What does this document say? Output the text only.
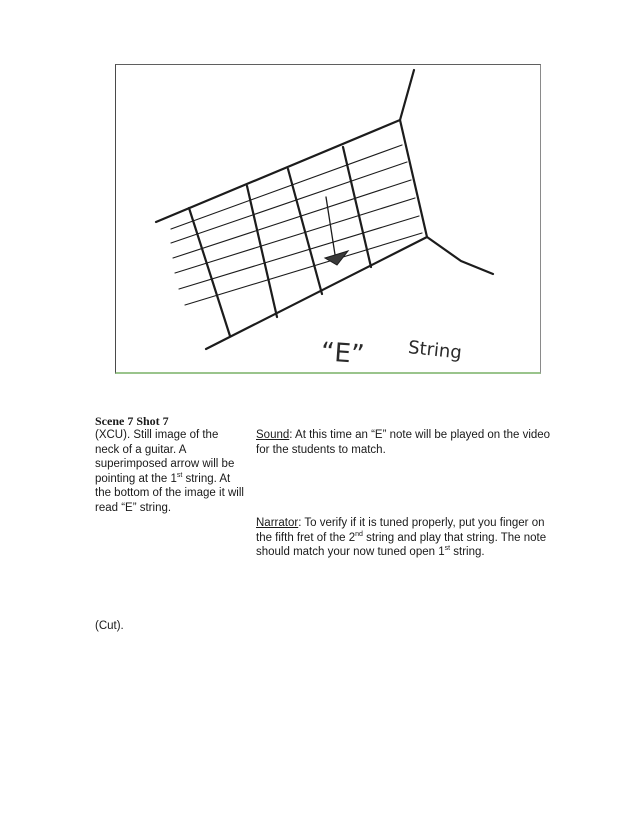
“E” String
Scene 7 Shot 7
(XCU). Still image of the neck of a guitar. A superimposed arrow will be pointing at the 1st string. At the bottom of the image it will read “E” string.
Sound: At this time an “E” note will be played on the video for the students to match.
Narrator: To verify if it is tuned properly, put you finger on the fifth fret of the 2nd string and play that string. The note should match your now tuned open 1st string.
(Cut).
